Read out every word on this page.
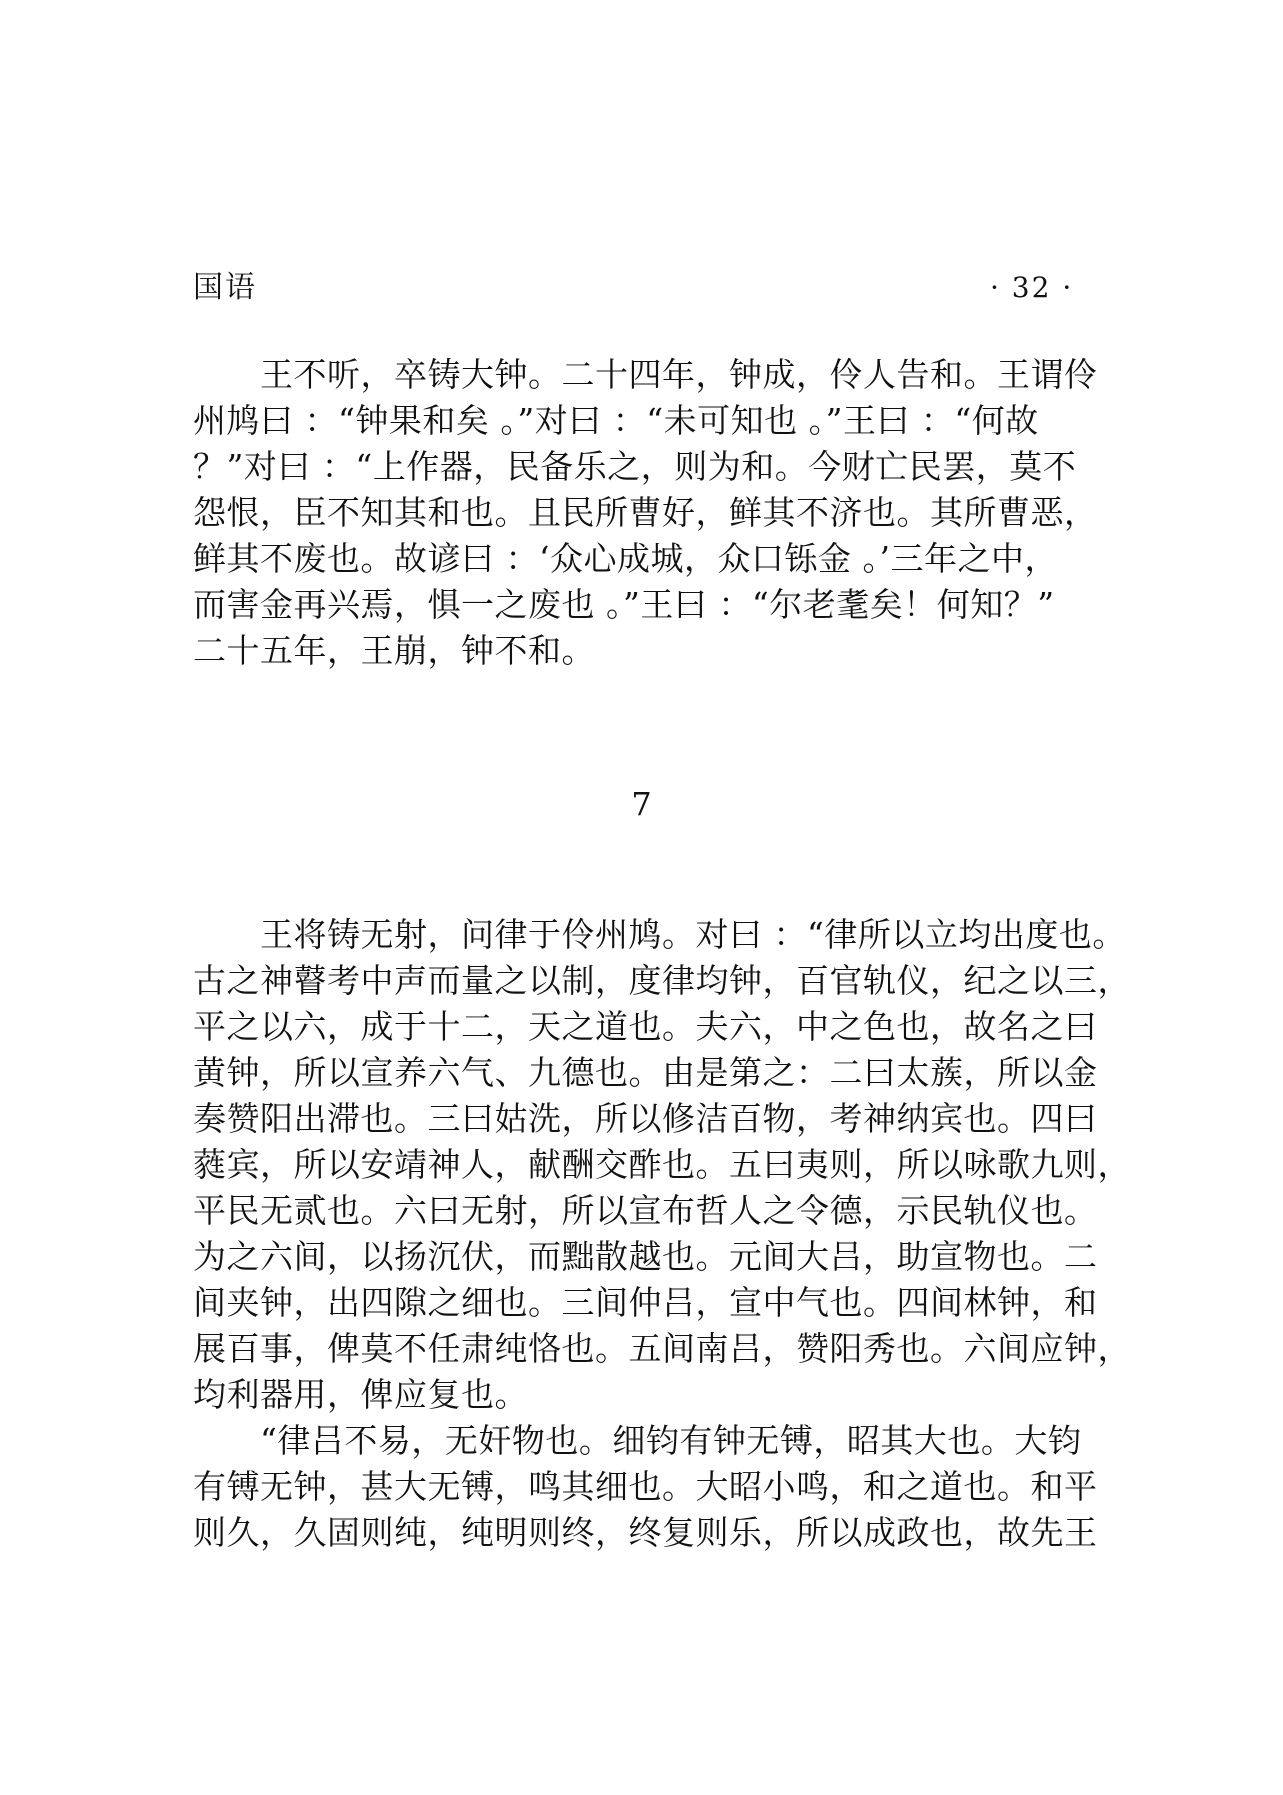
国语	· 32 ·
　　王不听，卒铸大钟。二十四年，钟成，伶人告和。王谓伶
州鸠曰 ：“钟果和矣 。”对曰 ：“未可知也 。”王曰 ：“何故
？”对曰 ：“上作器，民备乐之，则为和。今财亡民罢，莫不
怨恨，臣不知其和也。且民所曹好，鲜其不济也。其所曹恶，
鲜其不废也。故谚曰 ：‘众心成城，众口铄金 。’三年之中，
而害金再兴焉，惧一之废也 。”王曰 ：“尔老耄矣！何知？”
二十五年，王崩，钟不和。
7
　　王将铸无射，问律于伶州鸠。对曰 ：“律所以立均出度也。
古之神瞽考中声而量之以制，度律均钟，百官轨仪，纪之以三，
平之以六，成于十二，天之道也。夫六，中之色也，故名之曰
黄钟，所以宣养六气、九德也。由是第之：二曰太蔟，所以金
奏赞阳出滞也。三曰姑洗，所以修洁百物，考神纳宾也。四曰
蕤宾，所以安靖神人，献酬交酢也。五曰夷则，所以咏歌九则，
平民无贰也。六曰无射，所以宣布哲人之令德，示民轨仪也。
为之六间，以扬沉伏，而黜散越也。元间大吕，助宣物也。二
间夹钟，出四隙之细也。三间仲吕，宣中气也。四间林钟，和
展百事，俾莫不任肃纯恪也。五间南吕，赞阳秀也。六间应钟，
均利器用，俾应复也。
　　“律吕不易，无奸物也。细钧有钟无镈，昭其大也。大钧
有镈无钟，甚大无镈，鸣其细也。大昭小鸣，和之道也。和平
则久，久固则纯，纯明则终，终复则乐，所以成政也，故先王
